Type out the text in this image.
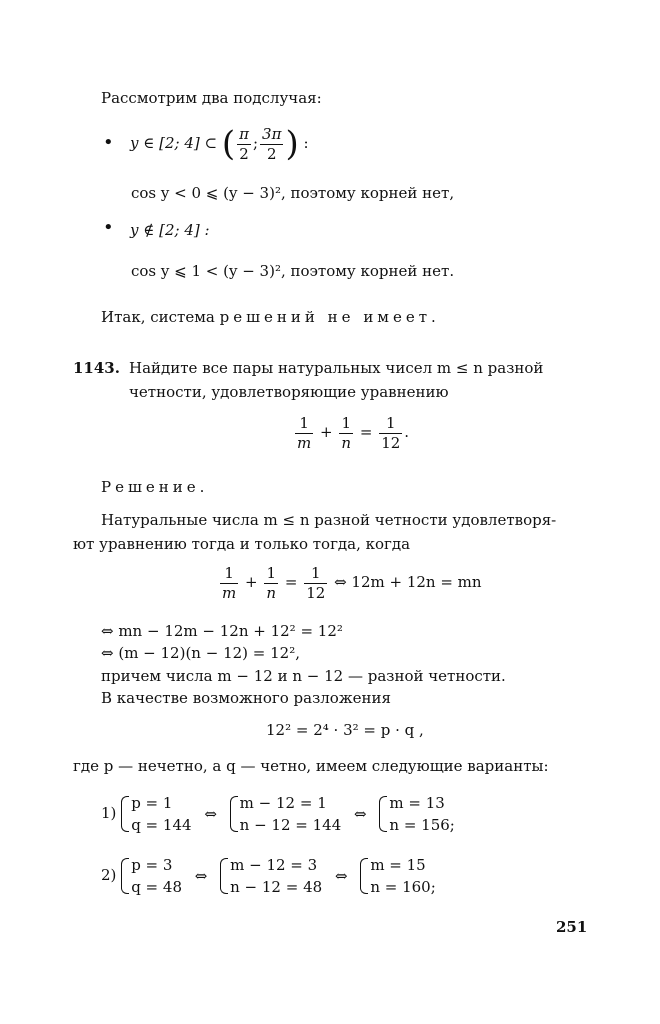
Рассмотрим два подслучая:
• y ∈ [2; 4] ⊂ ( $\frac{\pi}{2}$ ; $\frac{3\pi}{2}$ ) :
cos y < 0 ⩽ (y − 3)², поэтому корней нет,
• y ∉ [2; 4] :
cos y ⩽ 1 < (y − 3)², поэтому корней нет.
Итак, система решений не имеет.
1143. Найдите все пары натуральных чисел m ≤ n разной
четности, удовлетворяющие уравнению
$\frac{1}{m} + \frac{1}{n} = \frac{1}{12}$ .
Решение.
Натуральные числа m ≤ n разной четности удовлетворя-
ют уравнению тогда и только тогда, когда
$\frac{1}{m} + \frac{1}{n} = \frac{1}{12}$ ⇔ 12m + 12n = mn
⇔ mn − 12m − 12n + 12² = 12²
⇔ (m − 12)(n − 12) = 12²,
причем числа m − 12 и n − 12 — разной четности.
В качестве возможного разложения
12² = 2⁴ · 3² = p · q ,
где p — нечетно, а q — четно, имеем следующие варианты:
1)
p = 1
q = 144
⇔
m − 12 = 1
n − 12 = 144
⇔
m = 13
n = 156;
2)
p = 3
q = 48
⇔
m − 12 = 3
n − 12 = 48
⇔
m = 15
n = 160;
251
